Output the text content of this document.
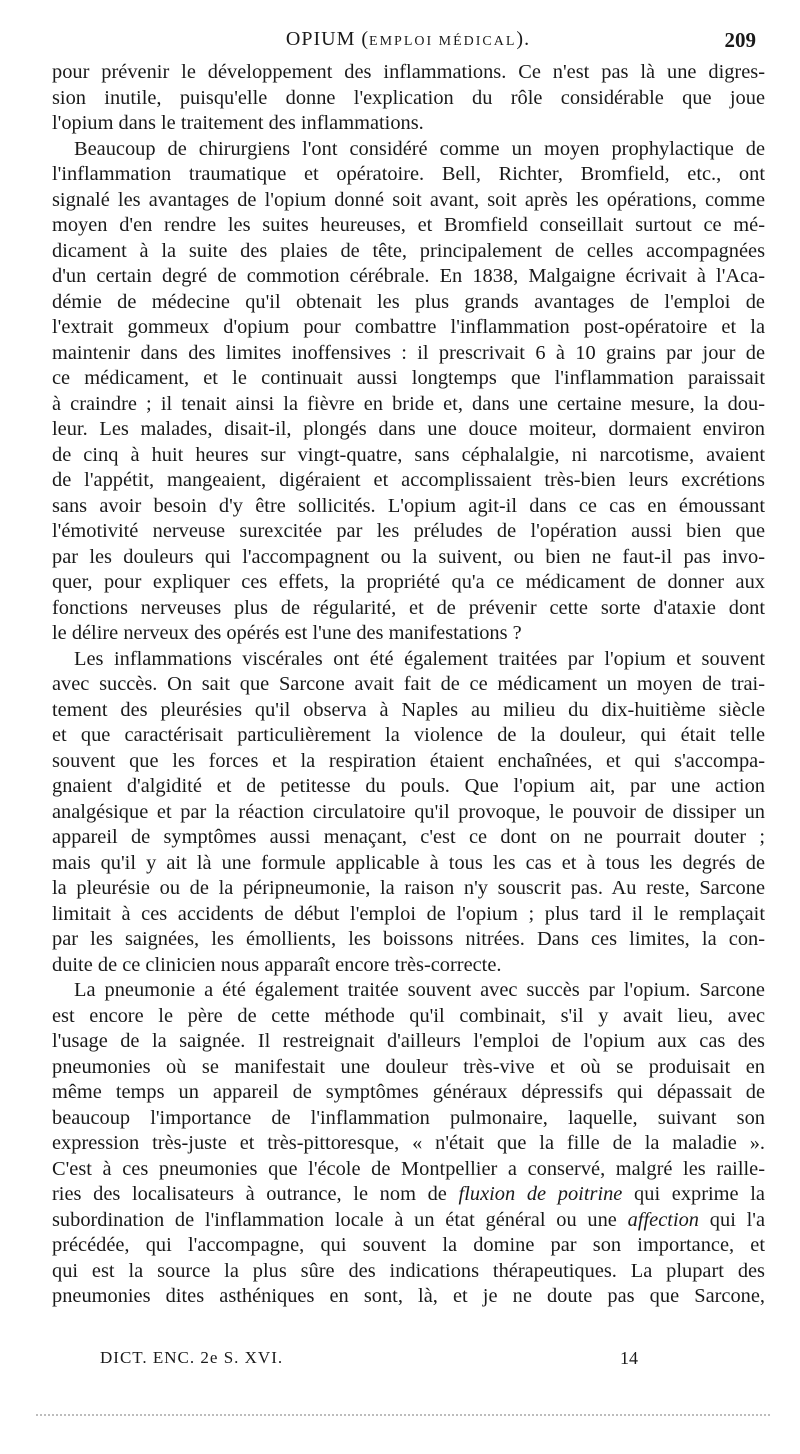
OPIUM (EMPLOI MÉDICAL).	209
pour prévenir le développement des inflammations. Ce n'est pas là une digres-
sion inutile, puisqu'elle donne l'explication du rôle considérable que joue
l'opium dans le traitement des inflammations.
Beaucoup de chirurgiens l'ont considéré comme un moyen prophylactique de
l'inflammation traumatique et opératoire. Bell, Richter, Bromfield, etc., ont
signalé les avantages de l'opium donné soit avant, soit après les opérations, comme
moyen d'en rendre les suites heureuses, et Bromfield conseillait surtout ce mé-
dicament à la suite des plaies de tête, principalement de celles accompagnées
d'un certain degré de commotion cérébrale. En 1838, Malgaigne écrivait à l'Aca-
démie de médecine qu'il obtenait les plus grands avantages de l'emploi de
l'extrait gommeux d'opium pour combattre l'inflammation post-opératoire et la
maintenir dans des limites inoffensives : il prescrivait 6 à 10 grains par jour de
ce médicament, et le continuait aussi longtemps que l'inflammation paraissait
à craindre ; il tenait ainsi la fièvre en bride et, dans une certaine mesure, la dou-
leur. Les malades, disait-il, plongés dans une douce moiteur, dormaient environ
de cinq à huit heures sur vingt-quatre, sans céphalalgie, ni narcotisme, avaient
de l'appétit, mangeaient, digéraient et accomplissaient très-bien leurs excrétions
sans avoir besoin d'y être sollicités. L'opium agit-il dans ce cas en émoussant
l'émotivité nerveuse surexcitée par les préludes de l'opération aussi bien que
par les douleurs qui l'accompagnent ou la suivent, ou bien ne faut-il pas invo-
quer, pour expliquer ces effets, la propriété qu'a ce médicament de donner aux
fonctions nerveuses plus de régularité, et de prévenir cette sorte d'ataxie dont
le délire nerveux des opérés est l'une des manifestations ?
Les inflammations viscérales ont été également traitées par l'opium et souvent
avec succès. On sait que Sarcone avait fait de ce médicament un moyen de trai-
tement des pleurésies qu'il observa à Naples au milieu du dix-huitième siècle
et que caractérisait particulièrement la violence de la douleur, qui était telle
souvent que les forces et la respiration étaient enchaînées, et qui s'accompa-
gnaient d'algidité et de petitesse du pouls. Que l'opium ait, par une action
analgésique et par la réaction circulatoire qu'il provoque, le pouvoir de dissiper un
appareil de symptômes aussi menaçant, c'est ce dont on ne pourrait douter ;
mais qu'il y ait là une formule applicable à tous les cas et à tous les degrés de
la pleurésie ou de la péripneumonie, la raison n'y souscrit pas. Au reste, Sarcone
limitait à ces accidents de début l'emploi de l'opium ; plus tard il le remplaçait
par les saignées, les émollients, les boissons nitrées. Dans ces limites, la con-
duite de ce clinicien nous apparaît encore très-correcte.
La pneumonie a été également traitée souvent avec succès par l'opium. Sarcone
est encore le père de cette méthode qu'il combinait, s'il y avait lieu, avec
l'usage de la saignée. Il restreignait d'ailleurs l'emploi de l'opium aux cas des
pneumonies où se manifestait une douleur très-vive et où se produisait en
même temps un appareil de symptômes généraux dépressifs qui dépassait de
beaucoup l'importance de l'inflammation pulmonaire, laquelle, suivant son
expression très-juste et très-pittoresque, « n'était que la fille de la maladie ».
C'est à ces pneumonies que l'école de Montpellier a conservé, malgré les raille-
ries des localisateurs à outrance, le nom de fluxion de poitrine qui exprime la
subordination de l'inflammation locale à un état général ou une affection qui l'a
précédée, qui l'accompagne, qui souvent la domine par son importance, et
qui est la source la plus sûre des indications thérapeutiques. La plupart des
pneumonies dites asthéniques en sont, là, et je ne doute pas que Sarcone,
DICT. ENC. 2e S. XVI.	14
